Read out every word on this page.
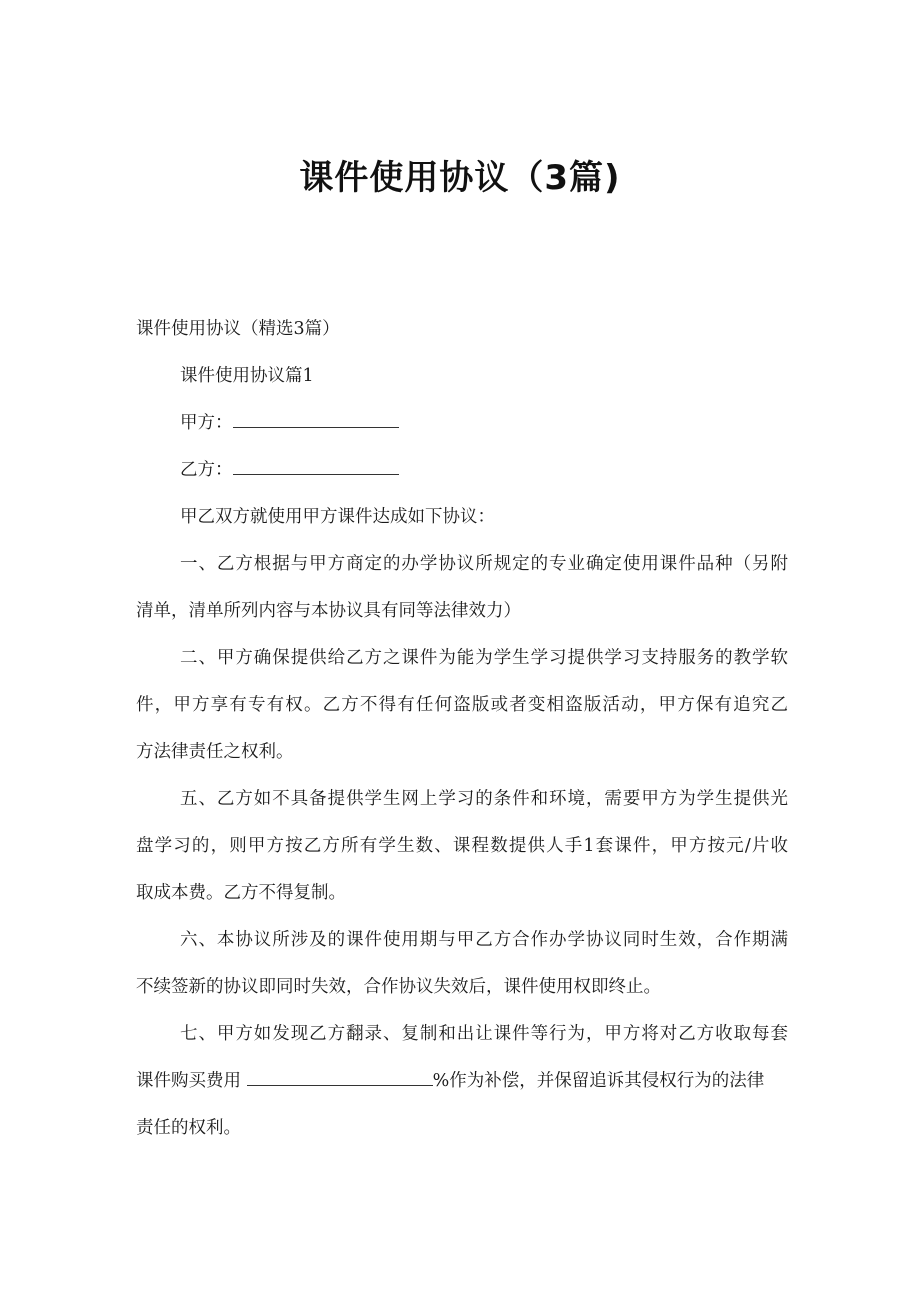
课件使用协议（3篇)
课件使用协议（精选3篇）
课件使用协议篇1
甲方：
乙方：
甲乙双方就使用甲方课件达成如下协议：
一、乙方根据与甲方商定的办学协议所规定的专业确定使用课件品种（另附
清单，清单所列内容与本协议具有同等法律效力）
二、甲方确保提供给乙方之课件为能为学生学习提供学习支持服务的教学软
件，甲方享有专有权。乙方不得有任何盗版或者变相盗版活动，甲方保有追究乙
方法律责任之权利。
五、乙方如不具备提供学生网上学习的条件和环境，需要甲方为学生提供光
盘学习的，则甲方按乙方所有学生数、课程数提供人手1套课件，甲方按元/片收
取成本费。乙方不得复制。
六、本协议所涉及的课件使用期与甲乙方合作办学协议同时生效，合作期满
不续签新的协议即同时失效，合作协议失效后，课件使用权即终止。
七、甲方如发现乙方翻录、复制和出让课件等行为，甲方将对乙方收取每套
课件购买费用	%作为补偿，并保留追诉其侵权行为的法律
责任的权利。
